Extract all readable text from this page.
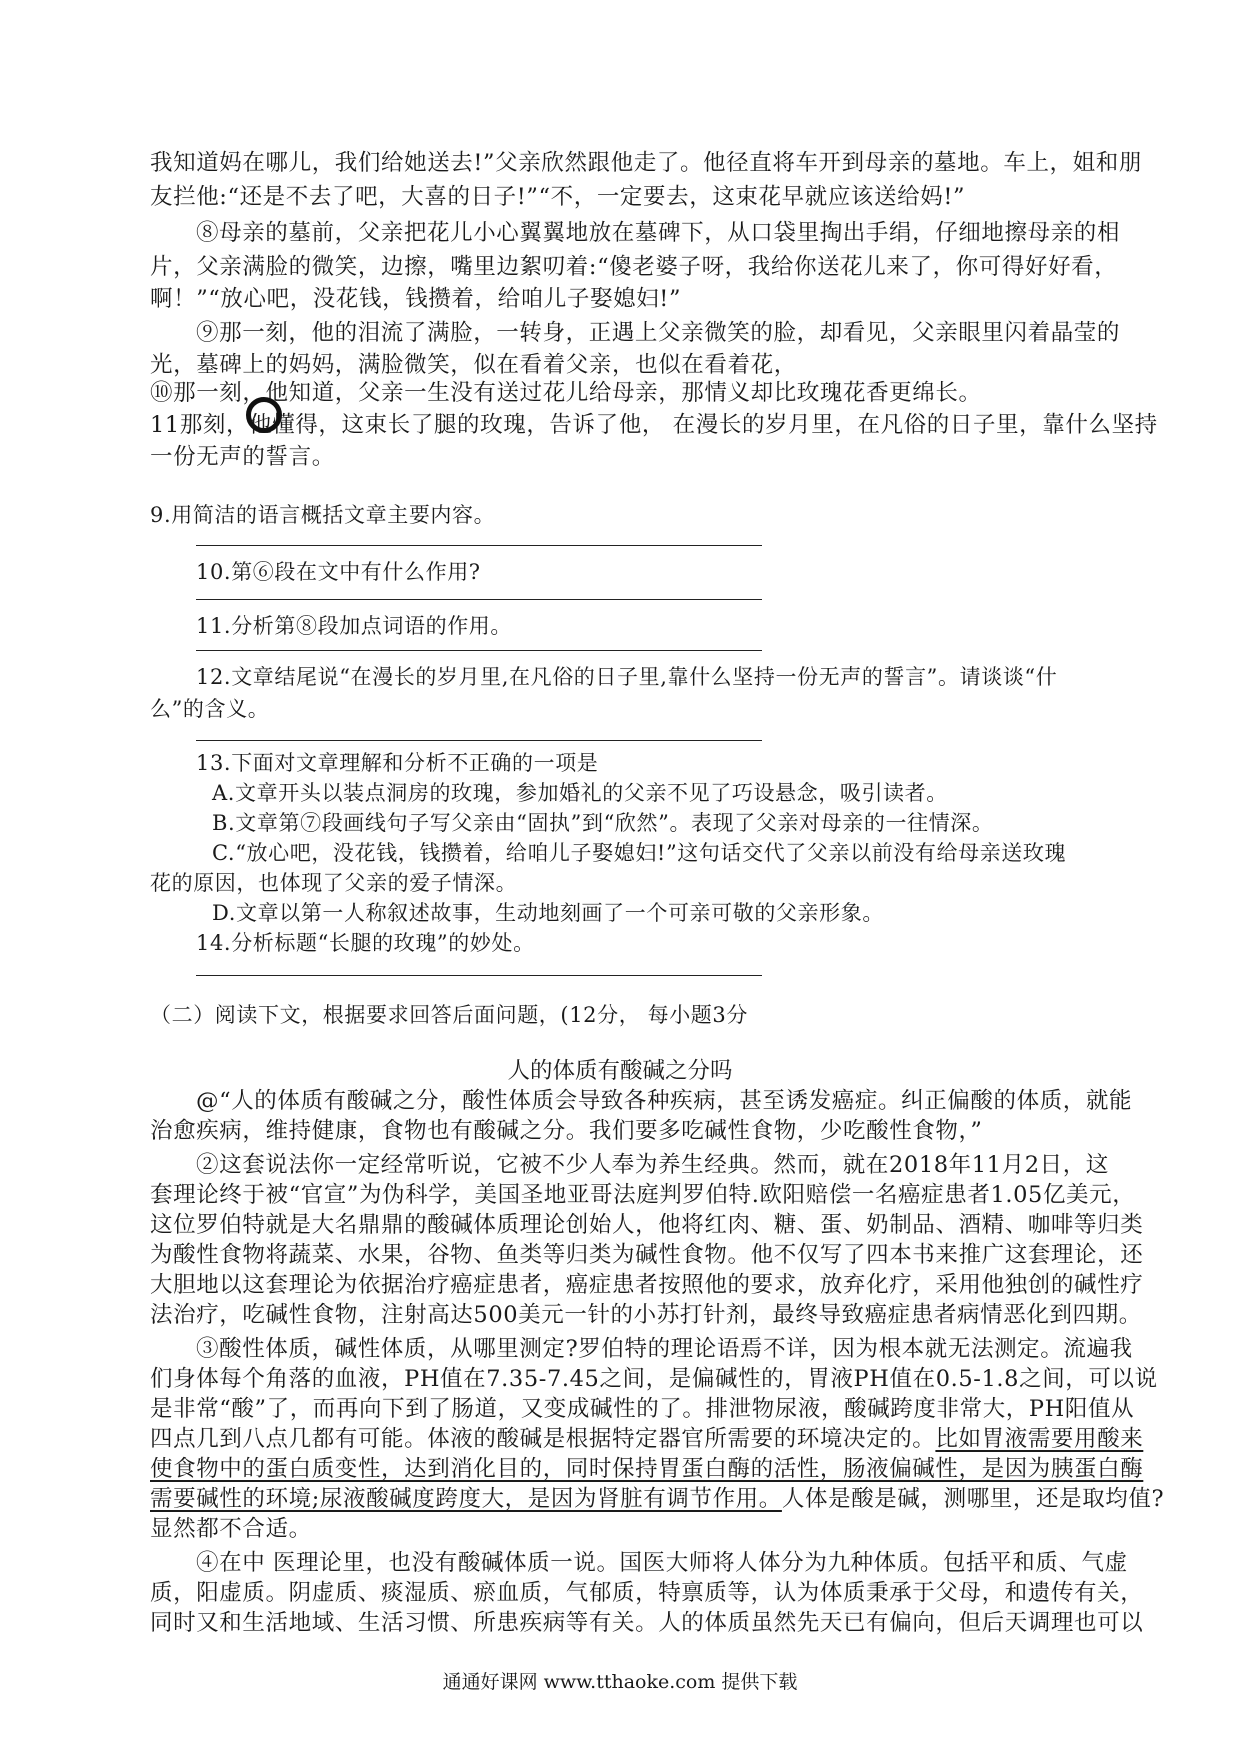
我知道妈在哪儿，我们给她送去!”父亲欣然跟他走了。他径直将车开到母亲的墓地。车上，姐和朋
友拦他:“还是不去了吧，大喜的日子!”“不，一定要去，这束花早就应该送给妈!”
⑧母亲的墓前，父亲把花儿小心翼翼地放在墓碑下，从口袋里掏出手绢，仔细地擦母亲的相
片，父亲满脸的微笑，边擦，嘴里边絮叨着:“傻老婆子呀，我给你送花儿来了，你可得好好看，
啊！”“放心吧，没花钱，钱攒着，给咱儿子娶媳妇!”
⑨那一刻，他的泪流了满脸，一转身，正遇上父亲微笑的脸，却看见，父亲眼里闪着晶莹的
光，墓碑上的妈妈，满脸微笑，似在看着父亲，也似在看着花，
⑩那一刻，他知道，父亲一生没有送过花儿给母亲，那情义却比玫瑰花香更绵长。
11那刻，他懂得，这束长了腿的玫瑰，告诉了他， 在漫长的岁月里，在凡俗的日子里，靠什么坚持
一份无声的誓言。
9.用简洁的语言概括文章主要内容。
10.第⑥段在文中有什么作用?
11.分析第⑧段加点词语的作用。
12.文章结尾说“在漫长的岁月里,在凡俗的日子里,靠什么坚持一份无声的誓言”。请谈谈“什
么”的含义。
13.下面对文章理解和分析不正确的一项是
A.文章开头以装点洞房的玫瑰，参加婚礼的父亲不见了巧设悬念，吸引读者。
B.文章第⑦段画线句子写父亲由“固执”到“欣然”。表现了父亲对母亲的一往情深。
C.“放心吧，没花钱，钱攒着，给咱儿子娶媳妇!”这句话交代了父亲以前没有给母亲送玫瑰
花的原因，也体现了父亲的爱子情深。
D.文章以第一人称叙述故事，生动地刻画了一个可亲可敬的父亲形象。
14.分析标题“长腿的玫瑰”的妙处。
（二）阅读下文，根据要求回答后面问题，(12分， 每小题3分
人的体质有酸碱之分吗
@“人的体质有酸碱之分，酸性体质会导致各种疾病，甚至诱发癌症。纠正偏酸的体质，就能
治愈疾病，维持健康，食物也有酸碱之分。我们要多吃碱性食物，少吃酸性食物，”
②这套说法你一定经常听说，它被不少人奉为养生经典。然而，就在2018年11月2日，这
套理论终于被“官宣”为伪科学，美国圣地亚哥法庭判罗伯特.欧阳赔偿一名癌症患者1.05亿美元，
这位罗伯特就是大名鼎鼎的酸碱体质理论创始人，他将红肉、糖、蛋、奶制品、酒精、咖啡等归类
为酸性食物将蔬菜、水果，谷物、鱼类等归类为碱性食物。他不仅写了四本书来推广这套理论，还
大胆地以这套理论为依据治疗癌症患者，癌症患者按照他的要求，放弃化疗，采用他独创的碱性疗
法治疗，吃碱性食物，注射高达500美元一针的小苏打针剂，最终导致癌症患者病情恶化到四期。
③酸性体质，碱性体质，从哪里测定?罗伯特的理论语焉不详，因为根本就无法测定。流遍我
们身体每个角落的血液，PH值在7.35-7.45之间，是偏碱性的，胃液PH值在0.5-1.8之间，可以说
是非常“酸”了，而再向下到了肠道，又变成碱性的了。排泄物尿液，酸碱跨度非常大，PH阳值从
四点几到八点几都有可能。体液的酸碱是根据特定器官所需要的环境决定的。比如胃液需要用酸来
使食物中的蛋白质变性，达到消化目的，同时保持胃蛋白酶的活性，肠液偏碱性，是因为胰蛋白酶
需要碱性的环境;尿液酸碱度跨度大，是因为肾脏有调节作用。人体是酸是碱，测哪里，还是取均值?
显然都不合适。
④在中 医理论里，也没有酸碱体质一说。国医大师将人体分为九种体质。包括平和质、气虚
质，阳虚质。阴虚质、痰湿质、瘀血质，气郁质，特禀质等，认为体质秉承于父母，和遗传有关，
同时又和生活地域、生活习惯、所患疾病等有关。人的体质虽然先天已有偏向，但后天调理也可以
通通好课网 www.tthaoke.com 提供下载
